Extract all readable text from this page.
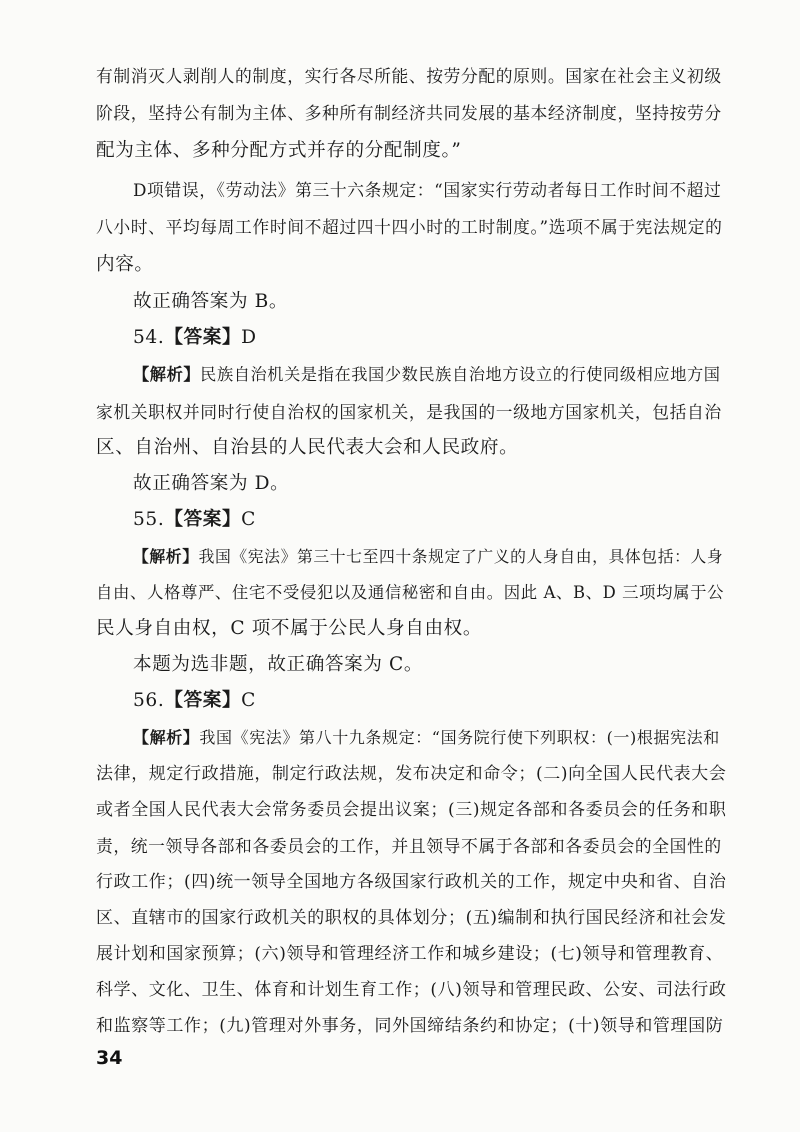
有制消灭人剥削人的制度，实行各尽所能、按劳分配的原则。国家在社会主义初级
阶段，坚持公有制为主体、多种所有制经济共同发展的基本经济制度，坚持按劳分
配为主体、多种分配方式并存的分配制度。”
D项错误，《劳动法》第三十六条规定：“国家实行劳动者每日工作时间不超过
八小时、平均每周工作时间不超过四十四小时的工时制度。”选项不属于宪法规定的
内容。
故正确答案为 B。
54.【答案】D
【解析】民族自治机关是指在我国少数民族自治地方设立的行使同级相应地方国
家机关职权并同时行使自治权的国家机关，是我国的一级地方国家机关，包括自治
区、自治州、自治县的人民代表大会和人民政府。
故正确答案为 D。
55.【答案】C
【解析】我国《宪法》第三十七至四十条规定了广义的人身自由，具体包括：人身
自由、人格尊严、住宅不受侵犯以及通信秘密和自由。因此 A、B、D 三项均属于公
民人身自由权，C 项不属于公民人身自由权。
本题为选非题，故正确答案为 C。
56.【答案】C
【解析】我国《宪法》第八十九条规定：“国务院行使下列职权：(一)根据宪法和
法律，规定行政措施，制定行政法规，发布决定和命令；(二)向全国人民代表大会
或者全国人民代表大会常务委员会提出议案；(三)规定各部和各委员会的任务和职
责，统一领导各部和各委员会的工作，并且领导不属于各部和各委员会的全国性的
行政工作；(四)统一领导全国地方各级国家行政机关的工作，规定中央和省、自治
区、直辖市的国家行政机关的职权的具体划分；(五)编制和执行国民经济和社会发
展计划和国家预算；(六)领导和管理经济工作和城乡建设；(七)领导和管理教育、
科学、文化、卫生、体育和计划生育工作；(八)领导和管理民政、公安、司法行政
和监察等工作；(九)管理对外事务，同外国缔结条约和协定；(十)领导和管理国防
34
